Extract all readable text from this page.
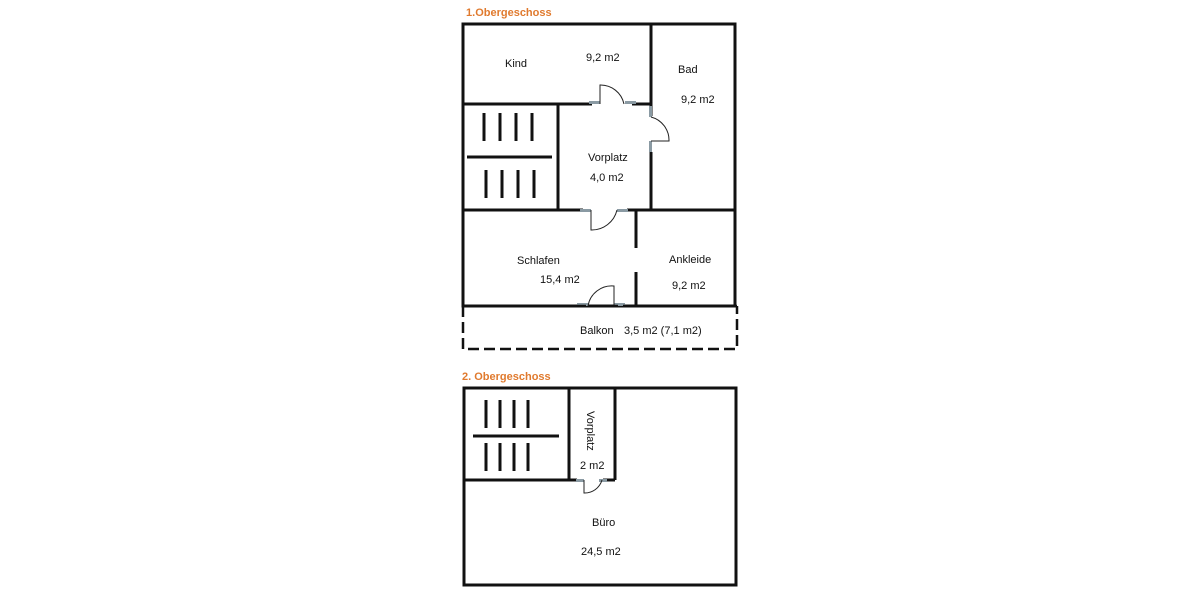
1.Obergeschoss
Kind	9,2 m2
Bad
9,2 m2
Vorplatz
4,0 m2
Schlafen
15,4 m2
Ankleide
9,2 m2
Balkon 3,5 m2 (7,1 m2)
2. Obergeschoss
Vorplatz
2 m2
Büro
24,5 m2
